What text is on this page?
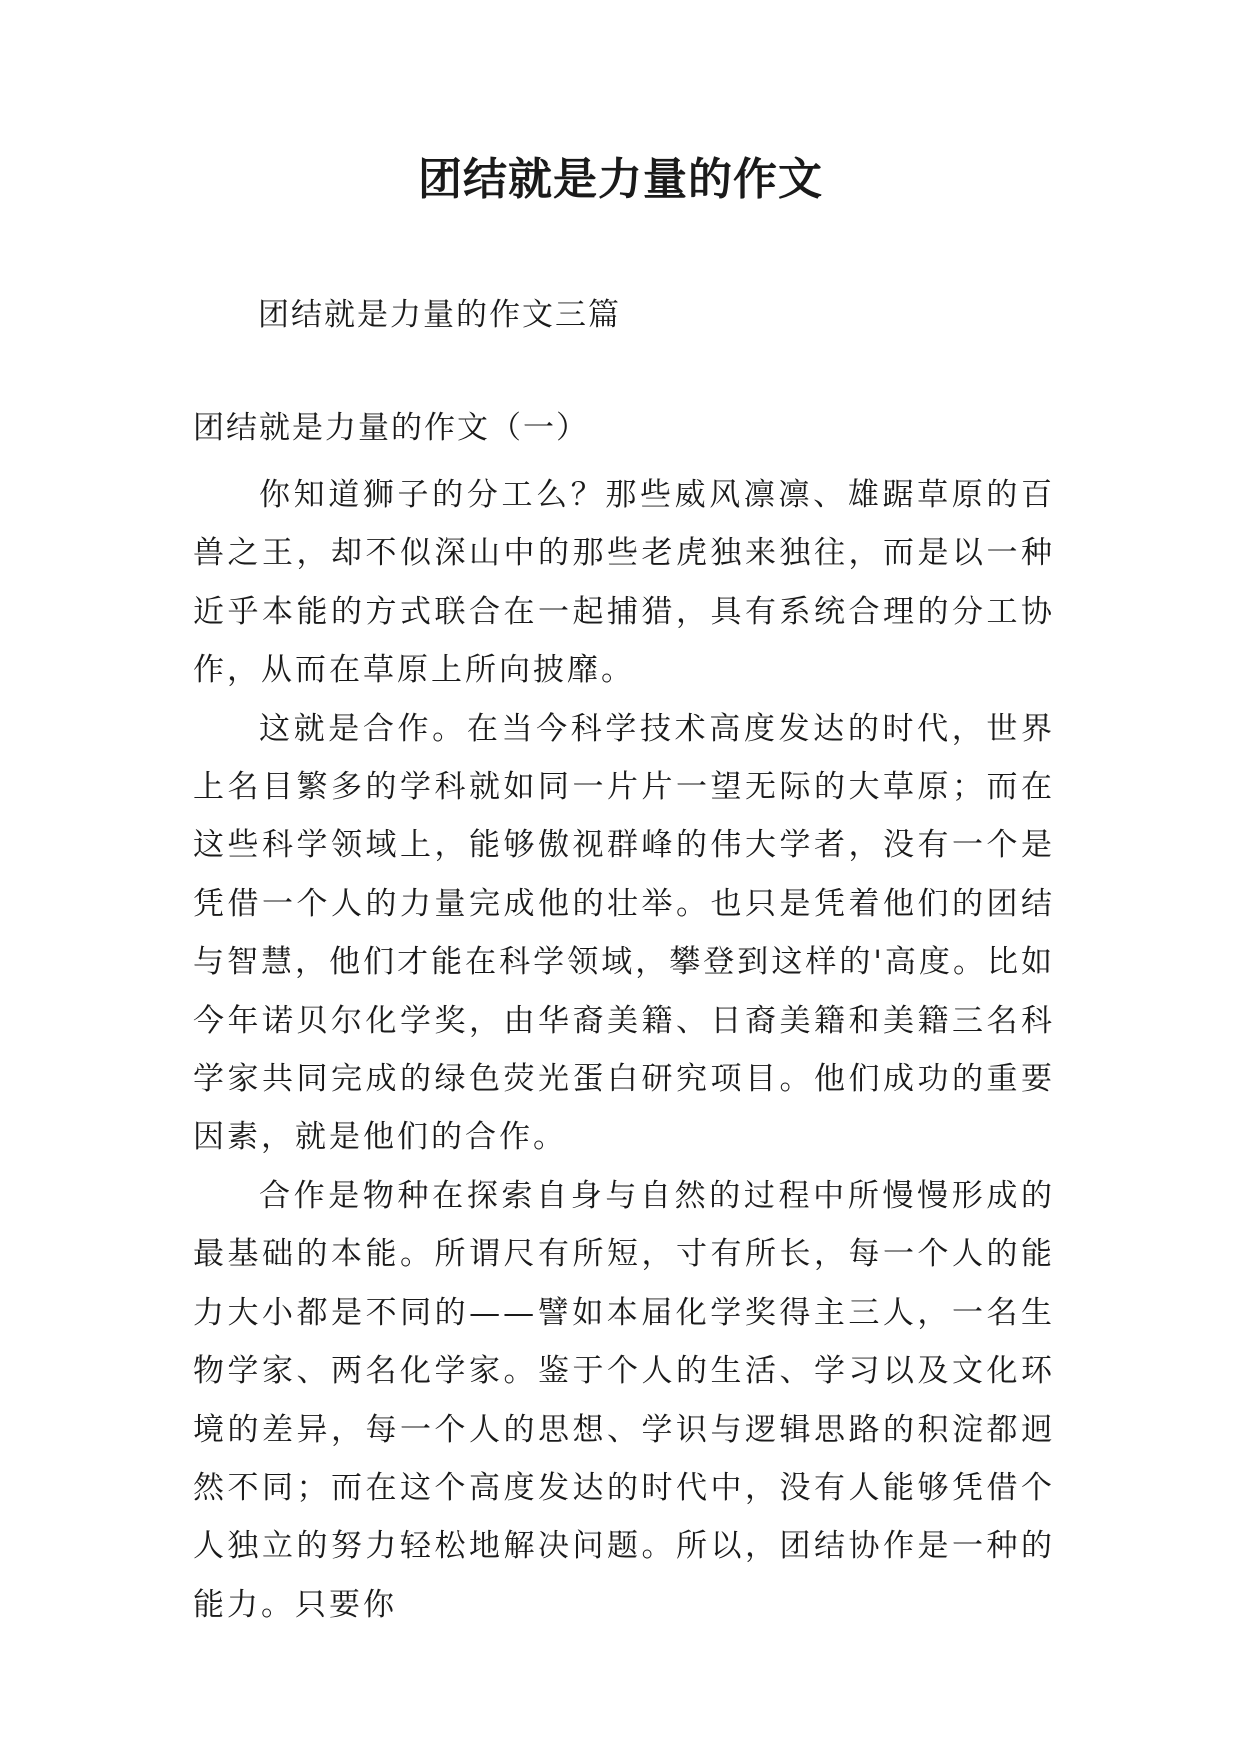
团结就是力量的作文

团结就是力量的作文三篇

团结就是力量的作文（一）

你知道狮子的分工么？那些威风凛凛、雄踞草原的百兽之王，却不似深山中的那些老虎独来独往，而是以一种近乎本能的方式联合在一起捕猎，具有系统合理的分工协作，从而在草原上所向披靡。

这就是合作。在当今科学技术高度发达的时代，世界上名目繁多的学科就如同一片片一望无际的大草原；而在这些科学领域上，能够傲视群峰的伟大学者，没有一个是凭借一个人的力量完成他的壮举。也只是凭着他们的团结与智慧，他们才能在科学领域，攀登到这样的'高度。比如今年诺贝尔化学奖，由华裔美籍、日裔美籍和美籍三名科学家共同完成的绿色荧光蛋白研究项目。他们成功的重要因素，就是他们的合作。

合作是物种在探索自身与自然的过程中所慢慢形成的最基础的本能。所谓尺有所短，寸有所长，每一个人的能力大小都是不同的——譬如本届化学奖得主三人，一名生物学家、两名化学家。鉴于个人的生活、学习以及文化环境的差异，每一个人的思想、学识与逻辑思路的积淀都迥然不同；而在这个高度发达的时代中，没有人能够凭借个人独立的努力轻松地解决问题。所以，团结协作是一种的能力。只要你
